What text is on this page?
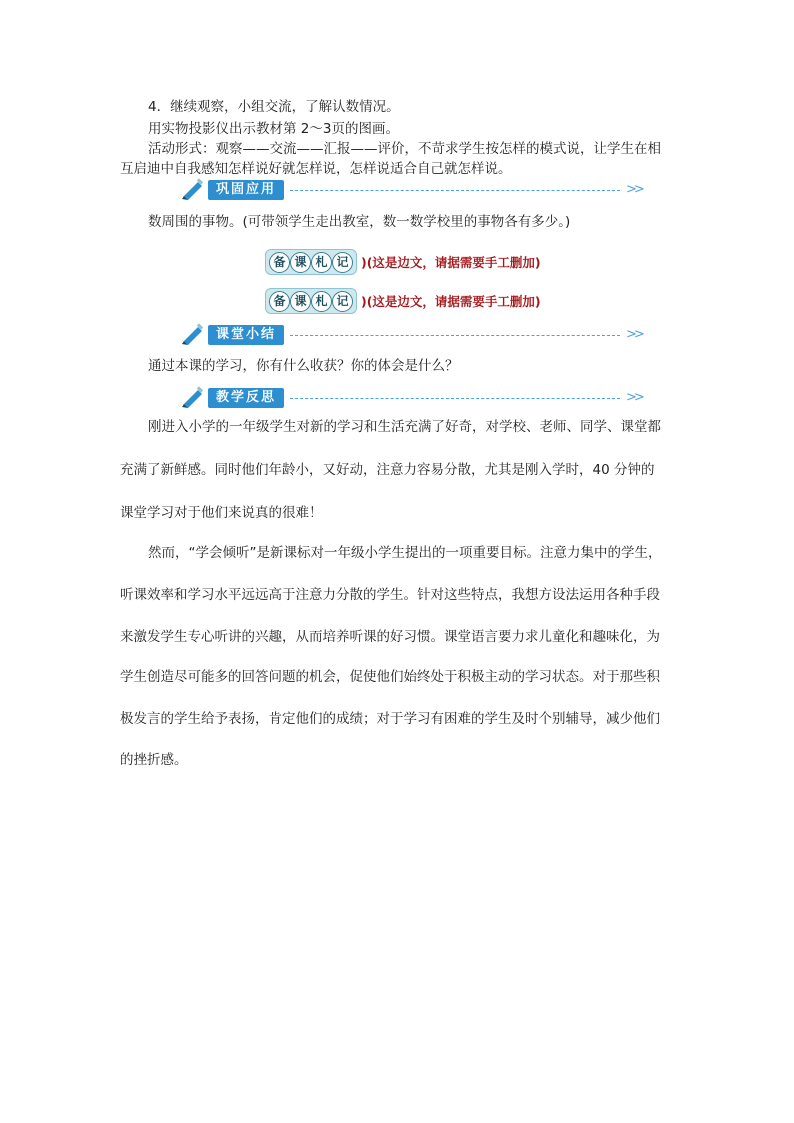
4．继续观察，小组交流，了解认数情况。
用实物投影仪出示教材第 2～3页的图画。
活动形式：观察——交流——汇报——评价，不苛求学生按怎样的模式说，让学生在相
互启迪中自我感知怎样说好就怎样说，怎样说适合自己就怎样说。
巩固应用	>>
数周围的事物。(可带领学生走出教室，数一数学校里的事物各有多少。)
备 课 札 记	)(这是边文，请据需要手工删加)
备 课 札 记	)(这是边文，请据需要手工删加)
课堂小结	>>
通过本课的学习，你有什么收获？你的体会是什么？
教学反思	>>
刚进入小学的一年级学生对新的学习和生活充满了好奇，对学校、老师、同学、课堂都
充满了新鲜感。同时他们年龄小，又好动，注意力容易分散，尤其是刚入学时，40 分钟的
课堂学习对于他们来说真的很难！
然而，“学会倾听”是新课标对一年级小学生提出的一项重要目标。注意力集中的学生，
听课效率和学习水平远远高于注意力分散的学生。针对这些特点，我想方设法运用各种手段
来激发学生专心听讲的兴趣，从而培养听课的好习惯。课堂语言要力求儿童化和趣味化，为
学生创造尽可能多的回答问题的机会，促使他们始终处于积极主动的学习状态。对于那些积
极发言的学生给予表扬，肯定他们的成绩；对于学习有困难的学生及时个别辅导，减少他们
的挫折感。
